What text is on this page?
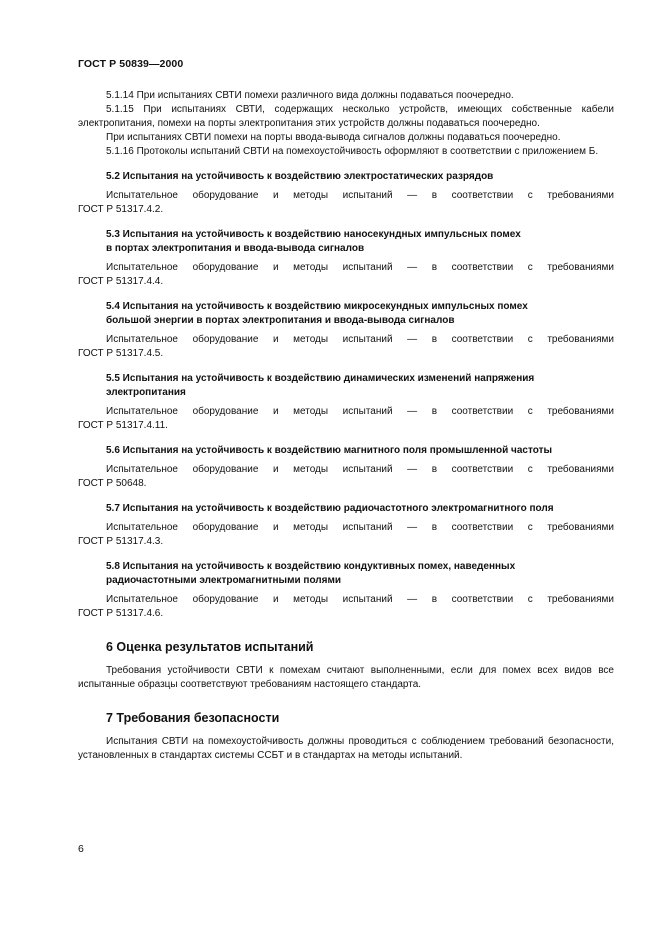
ГОСТ Р 50839—2000

5.1.14 При испытаниях СВТИ помехи различного вида должны подаваться поочередно.

5.1.15 При испытаниях СВТИ, содержащих несколько устройств, имеющих собственные кабели электропитания, помехи на порты электропитания этих устройств должны подаваться поочередно.

При испытаниях СВТИ помехи на порты ввода-вывода сигналов должны подаваться поочередно.

5.1.16 Протоколы испытаний СВТИ на помехоустойчивость оформляют в соответствии с приложением Б.

5.2 Испытания на устойчивость к воздействию электростатических разрядов

Испытательное оборудование и методы испытаний — в соответствии с требованиями

ГОСТ Р 51317.4.2.

5.3 Испытания на устойчивость к воздействию наносекундных импульсных помех

в портах электропитания и ввода-вывода сигналов

Испытательное оборудование и методы испытаний — в соответствии с требованиями

ГОСТ Р 51317.4.4.

5.4 Испытания на устойчивость к воздействию микросекундных импульсных помех

большой энергии в портах электропитания и ввода-вывода сигналов

Испытательное оборудование и методы испытаний — в соответствии с требованиями

ГОСТ Р 51317.4.5.

5.5 Испытания на устойчивость к воздействию динамических изменений напряжения

электропитания

Испытательное оборудование и методы испытаний — в соответствии с требованиями

ГОСТ Р 51317.4.11.

5.6 Испытания на устойчивость к воздействию магнитного поля промышленной частоты

Испытательное оборудование и методы испытаний — в соответствии с требованиями

ГОСТ Р 50648.

5.7 Испытания на устойчивость к воздействию радиочастотного электромагнитного поля

Испытательное оборудование и методы испытаний — в соответствии с требованиями

ГОСТ Р 51317.4.3.

5.8 Испытания на устойчивость к воздействию кондуктивных помех, наведенных

радиочастотными электромагнитными полями

Испытательное оборудование и методы испытаний — в соответствии с требованиями

ГОСТ Р 51317.4.6.

6 Оценка результатов испытаний

Требования устойчивости СВТИ к помехам считают выполненными, если для помех всех видов все испытанные образцы соответствуют требованиям настоящего стандарта.

7 Требования безопасности

Испытания СВТИ на помехоустойчивость должны проводиться с соблюдением требований безопасности, установленных в стандартах системы ССБТ и в стандартах на методы испытаний.

6
